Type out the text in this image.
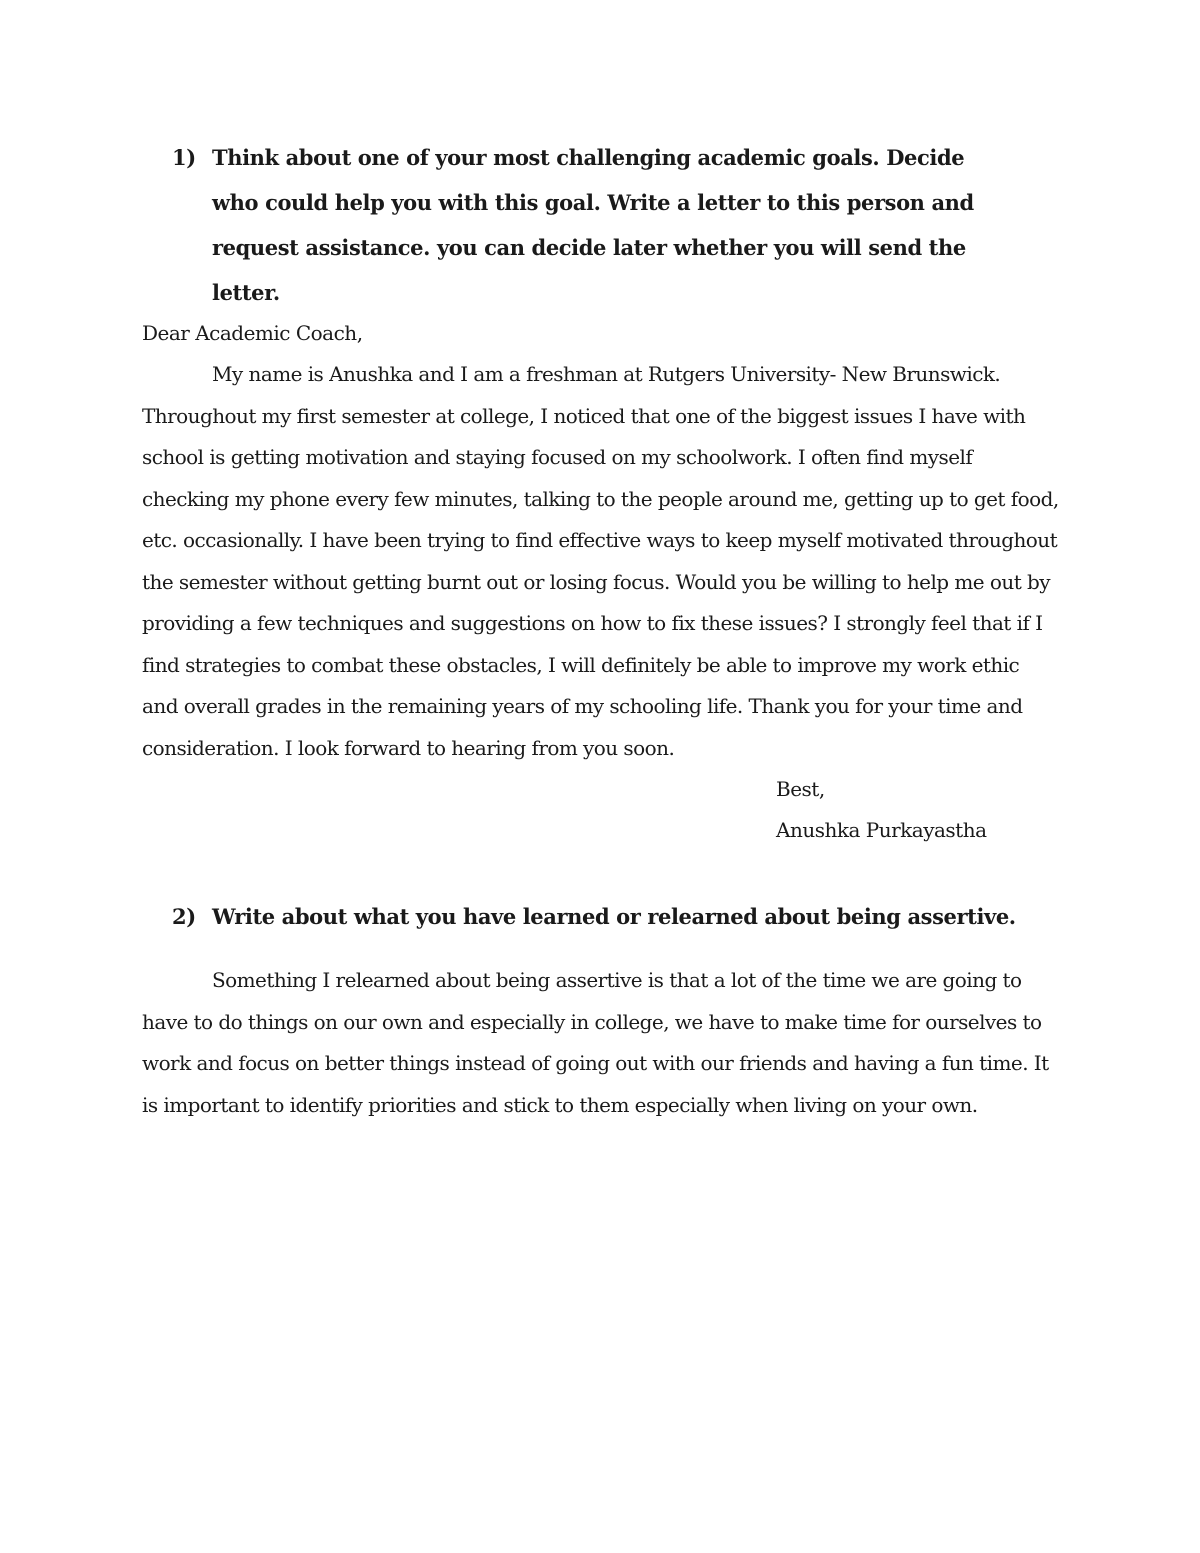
1) Think about one of your most challenging academic goals. Decide who could help you with this goal. Write a letter to this person and request assistance. you can decide later whether you will send the letter.

Dear Academic Coach,

My name is Anushka and I am a freshman at Rutgers University- New Brunswick. Throughout my first semester at college, I noticed that one of the biggest issues I have with school is getting motivation and staying focused on my schoolwork. I often find myself checking my phone every few minutes, talking to the people around me, getting up to get food, etc. occasionally. I have been trying to find effective ways to keep myself motivated throughout the semester without getting burnt out or losing focus. Would you be willing to help me out by providing a few techniques and suggestions on how to fix these issues? I strongly feel that if I find strategies to combat these obstacles, I will definitely be able to improve my work ethic and overall grades in the remaining years of my schooling life. Thank you for your time and consideration. I look forward to hearing from you soon.

Best,

Anushka Purkayastha

2) Write about what you have learned or relearned about being assertive.

Something I relearned about being assertive is that a lot of the time we are going to have to do things on our own and especially in college, we have to make time for ourselves to work and focus on better things instead of going out with our friends and having a fun time. It is important to identify priorities and stick to them especially when living on your own.
